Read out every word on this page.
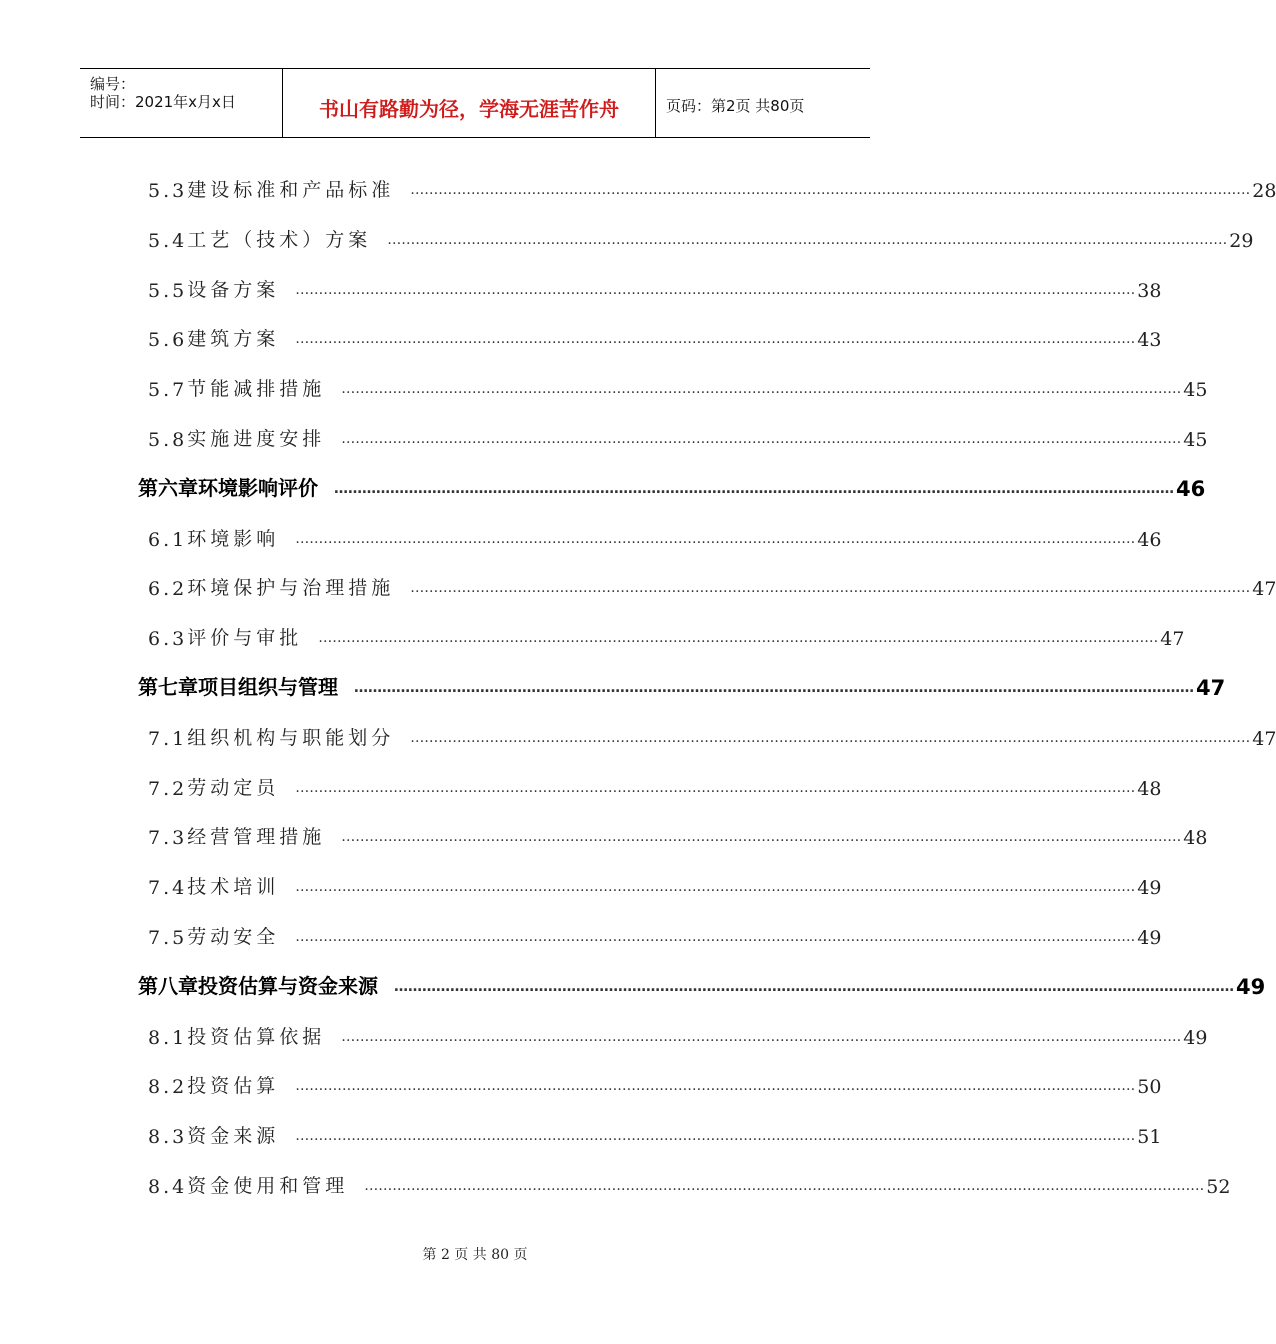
编号：
时间：2021年x月x日	书山有路勤为径，学海无涯苦作舟	页码：第2页 共80页
5.3 建设标准和产品标准 ……………………………………………………………………………………………………………………………………………………………… 28
5.4 工艺（技术）方案 ……………………………………………………………………………………………………………………………………………………………… 29
5.5 设备方案 ……………………………………………………………………………………………………………………………………………………………… 38
5.6 建筑方案 ……………………………………………………………………………………………………………………………………………………………… 43
5.7 节能减排措施 ……………………………………………………………………………………………………………………………………………………………… 45
5.8 实施进度安排 ……………………………………………………………………………………………………………………………………………………………… 45
第六章 环境影响评价 ……………………………………………………………………………………………………………………………………………………………… 46
6.1 环境影响 ……………………………………………………………………………………………………………………………………………………………… 46
6.2 环境保护与治理措施 ……………………………………………………………………………………………………………………………………………………………… 47
6.3 评价与审批 ……………………………………………………………………………………………………………………………………………………………… 47
第七章 项目组织与管理 ……………………………………………………………………………………………………………………………………………………………… 47
7.1 组织机构与职能划分 ……………………………………………………………………………………………………………………………………………………………… 47
7.2 劳动定员 ……………………………………………………………………………………………………………………………………………………………… 48
7.3 经营管理措施 ……………………………………………………………………………………………………………………………………………………………… 48
7.4 技术培训 ……………………………………………………………………………………………………………………………………………………………… 49
7.5 劳动安全 ……………………………………………………………………………………………………………………………………………………………… 49
第八章 投资估算与资金来源 ……………………………………………………………………………………………………………………………………………………………… 49
8.1 投资估算依据 ……………………………………………………………………………………………………………………………………………………………… 49
8.2 投资估算 ……………………………………………………………………………………………………………………………………………………………… 50
8.3 资金来源 ……………………………………………………………………………………………………………………………………………………………… 51
8.4 资金使用和管理 ……………………………………………………………………………………………………………………………………………………………… 52
第 2 页 共 80 页
